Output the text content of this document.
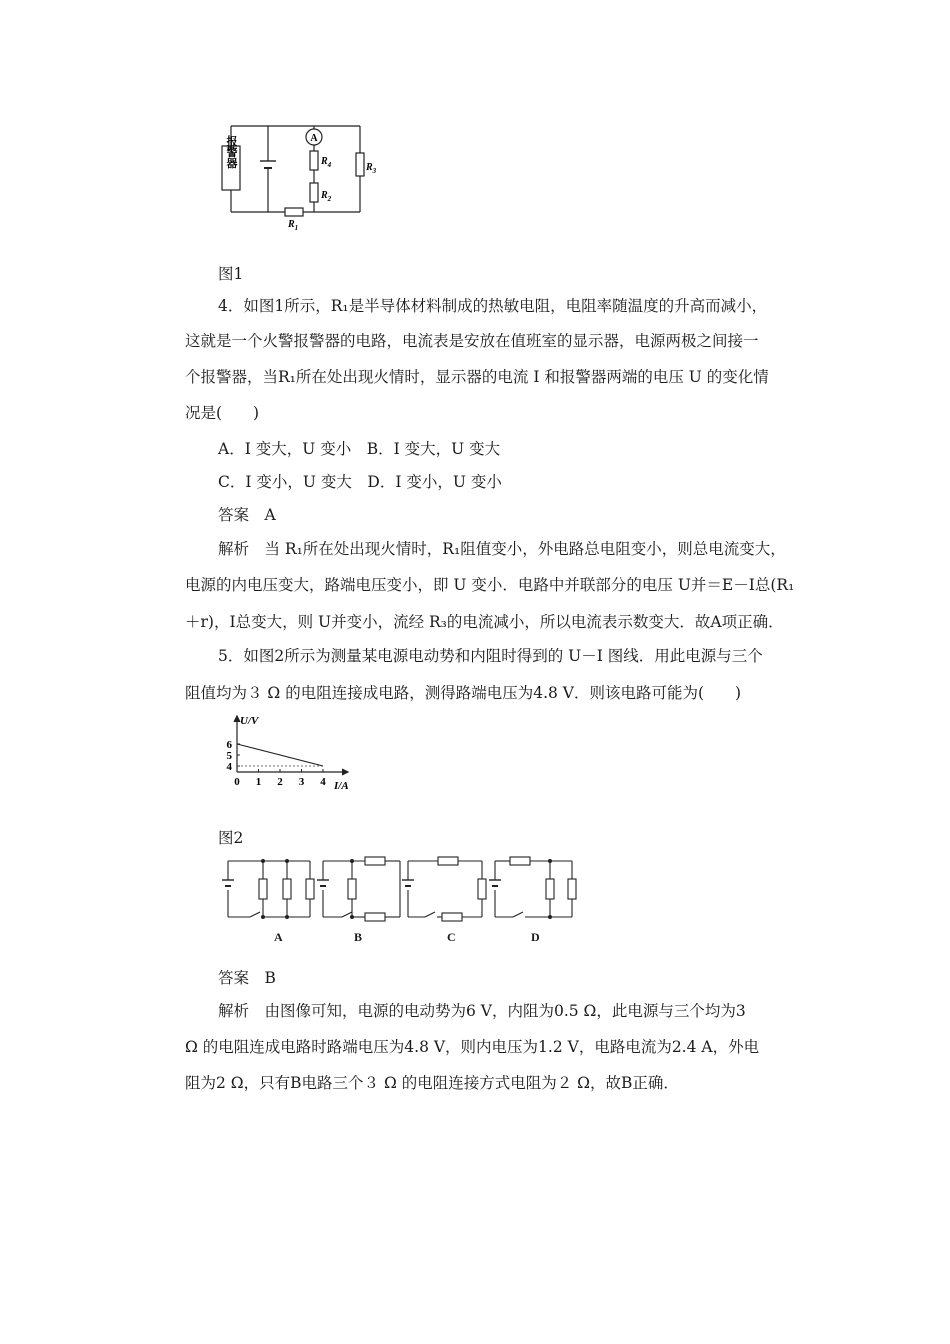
报警器	A
$R_4$
$R_2$
$R_3$
$R_1$
图1
4．如图1所示，R₁是半导体材料制成的热敏电阻，电阻率随温度的升高而减小，
这就是一个火警报警器的电路，电流表是安放在值班室的显示器，电源两极之间接一
个报警器，当R₁所在处出现火情时，显示器的电流 I 和报警器两端的电压 U 的变化情
况是(　　)
A．I 变大，U 变小　B．I 变大，U 变大
C．I 变小，U 变大　D．I 变小，U 变小
答案　A
解析　当 R₁所在处出现火情时，R₁阻值变小，外电路总电阻变小，则总电流变大，
电源的内电压变大，路端电压变小，即 U 变小．电路中并联部分的电压 U并＝E－I总(R₁
＋r)，I总变大，则 U并变小，流经 R₃的电流减小，所以电流表示数变大．故A项正确．
5．如图2所示为测量某电源电动势和内阻时得到的 U－I 图线．用此电源与三个
阻值均为３ Ω 的电阻连接成电路，测得路端电压为4.8 V．则该电路可能为(　　)
U/V
I/A
0 1 2 3 4
4
5
6
图2
A	B	C	D
答案　B
解析　由图像可知，电源的电动势为6 V，内阻为0.5 Ω，此电源与三个均为3
Ω 的电阻连成电路时路端电压为4.8 V，则内电压为1.2 V，电路电流为2.4 A，外电
阻为2 Ω，只有B电路三个３ Ω 的电阻连接方式电阻为２ Ω，故B正确．
